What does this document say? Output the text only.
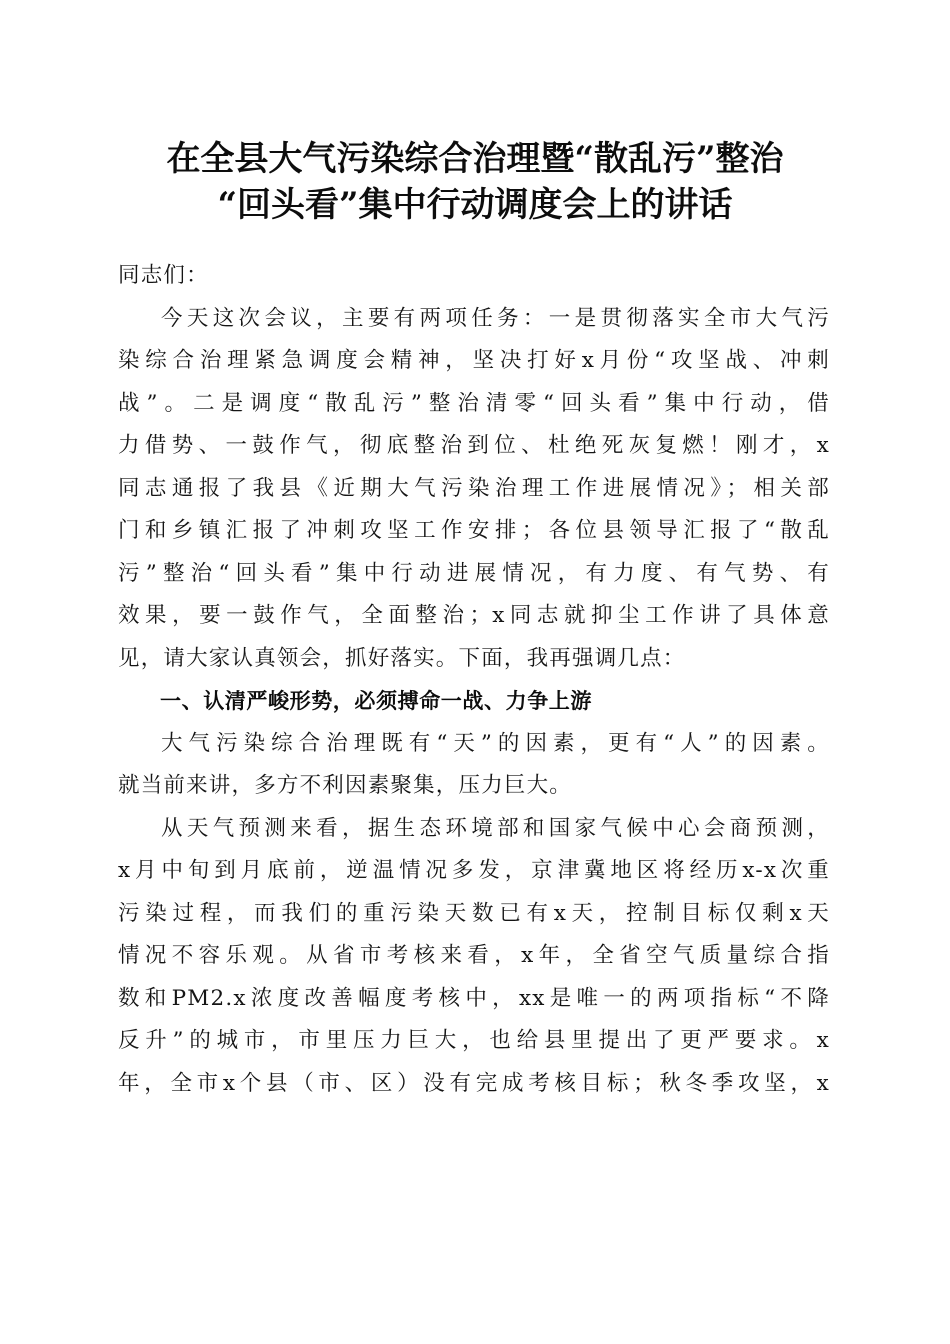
在全县大气污染综合治理暨“散乱污”整治
“回头看”集中行动调度会上的讲话

同志们：

今天这次会议，主要有两项任务：一是贯彻落实全市大气污
染综合治理紧急调度会精神，坚决打好x月份“攻坚战、冲刺
战”。二是调度“散乱污”整治清零“回头看”集中行动，借
力借势、一鼓作气，彻底整治到位、杜绝死灰复燃！刚才，x
同志通报了我县《近期大气污染治理工作进展情况》；相关部
门和乡镇汇报了冲刺攻坚工作安排；各位县领导汇报了“散乱
污”整治“回头看”集中行动进展情况，有力度、有气势、有
效果，要一鼓作气，全面整治；x同志就抑尘工作讲了具体意
见，请大家认真领会，抓好落实。下面，我再强调几点：

一、认清严峻形势，必须搏命一战、力争上游

大气污染综合治理既有“天”的因素，更有“人”的因素。
就当前来讲，多方不利因素聚集，压力巨大。

从天气预测来看，据生态环境部和国家气候中心会商预测，
x月中旬到月底前，逆温情况多发，京津冀地区将经历x-x次重
污染过程，而我们的重污染天数已有x天，控制目标仅剩x天
情况不容乐观。从省市考核来看，x年，全省空气质量综合指
数和PM2.x浓度改善幅度考核中，xx是唯一的两项指标“不降
反升”的城市，市里压力巨大，也给县里提出了更严要求。x
年，全市x个县（市、区）没有完成考核目标；秋冬季攻坚，x
